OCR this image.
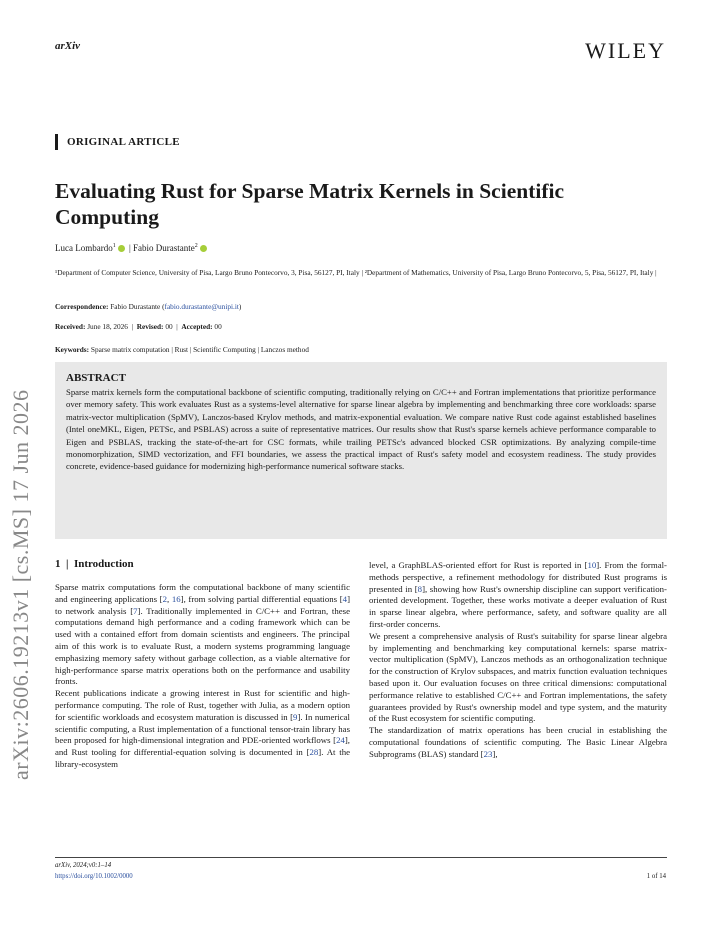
arXiv	WILEY
arXiv:2606.19213v1 [cs.MS] 17 Jun 2026
ORIGINAL ARTICLE
Evaluating Rust for Sparse Matrix Kernels in Scientific Computing
Luca Lombardo$^1$ | Fabio Durastante$^2$
¹Department of Computer Science, University of Pisa, Largo Bruno Pontecorvo, 3, Pisa, 56127, PI, Italy | ²Department of Mathematics, University of Pisa, Largo Bruno Pontecorvo, 5, Pisa, 56127, PI, Italy |
Correspondence: Fabio Durastante (fabio.durastante@unipi.it)
Received: June 18, 2026  |  Revised: 00  |  Accepted: 00
Keywords: Sparse matrix computation | Rust | Scientific Computing | Lanczos method
ABSTRACT
Sparse matrix kernels form the computational backbone of scientific computing, traditionally relying on C/C++ and Fortran implementations that prioritize performance over memory safety. This work evaluates Rust as a systems-level alternative for sparse linear algebra by implementing and benchmarking three core workloads: sparse matrix-vector multiplication (SpMV), Lanczos-based Krylov methods, and matrix-exponential evaluation. We compare native Rust code against established baselines (Intel oneMKL, Eigen, PETSc, and PSBLAS) across a suite of representative matrices. Our results show that Rust's sparse kernels achieve performance comparable to Eigen and PSBLAS, tracking the state-of-the-art for CSC formats, while trailing PETSc's advanced blocked CSR optimizations. By analyzing compile-time monomorphization, SIMD vectorization, and FFI boundaries, we assess the practical impact of Rust's safety model and ecosystem readiness. The study provides concrete, evidence-based guidance for modernizing high-performance numerical software stacks.
1 | Introduction

Sparse matrix computations form the computational backbone of many scientific and engineering applications [2, 16], from solving partial differential equations [4] to network analysis [7]. Traditionally implemented in C/C++ and Fortran, these computations demand high performance and a coding framework which can be used with a contained effort from domain scientists and engineers. The principal aim of this work is to evaluate Rust, a modern systems programming language emphasizing memory safety without garbage collection, as a viable alternative for high-performance sparse matrix operations both on the performance and usability fronts.

Recent publications indicate a growing interest in Rust for scientific and high-performance computing. The role of Rust, together with Julia, as a modern option for scientific workloads and ecosystem maturation is discussed in [9]. In numerical scientific computing, a Rust implementation of a functional tensor-train library has been proposed for high-dimensional integration and PDE-oriented workflows [24], and Rust tooling for differential-equation solving is documented in [28]. At the library-ecosystem

level, a GraphBLAS-oriented effort for Rust is reported in [10]. From the formal-methods perspective, a refinement methodology for distributed Rust programs is presented in [8], showing how Rust's ownership discipline can support verification-oriented development. Together, these works motivate a deeper evaluation of Rust in sparse linear algebra, where performance, safety, and software quality are all first-order concerns.

We present a comprehensive analysis of Rust's suitability for sparse linear algebra by implementing and benchmarking key computational kernels: sparse matrix-vector multiplication (SpMV), Lanczos methods as an orthogonalization technique for the construction of Krylov subspaces, and matrix function evaluation techniques based upon it. Our evaluation focuses on three critical dimensions: computational performance relative to established C/C++ and Fortran implementations, the safety guarantees provided by Rust's ownership model and type system, and the maturity of the Rust ecosystem for scientific computing.

The standardization of matrix operations has been crucial in establishing the computational foundations of scientific computing. The Basic Linear Algebra Subprograms (BLAS) standard [23],

arXiv, 2024;v0:1–14
https://doi.org/10.1002/0000	1 of 14
